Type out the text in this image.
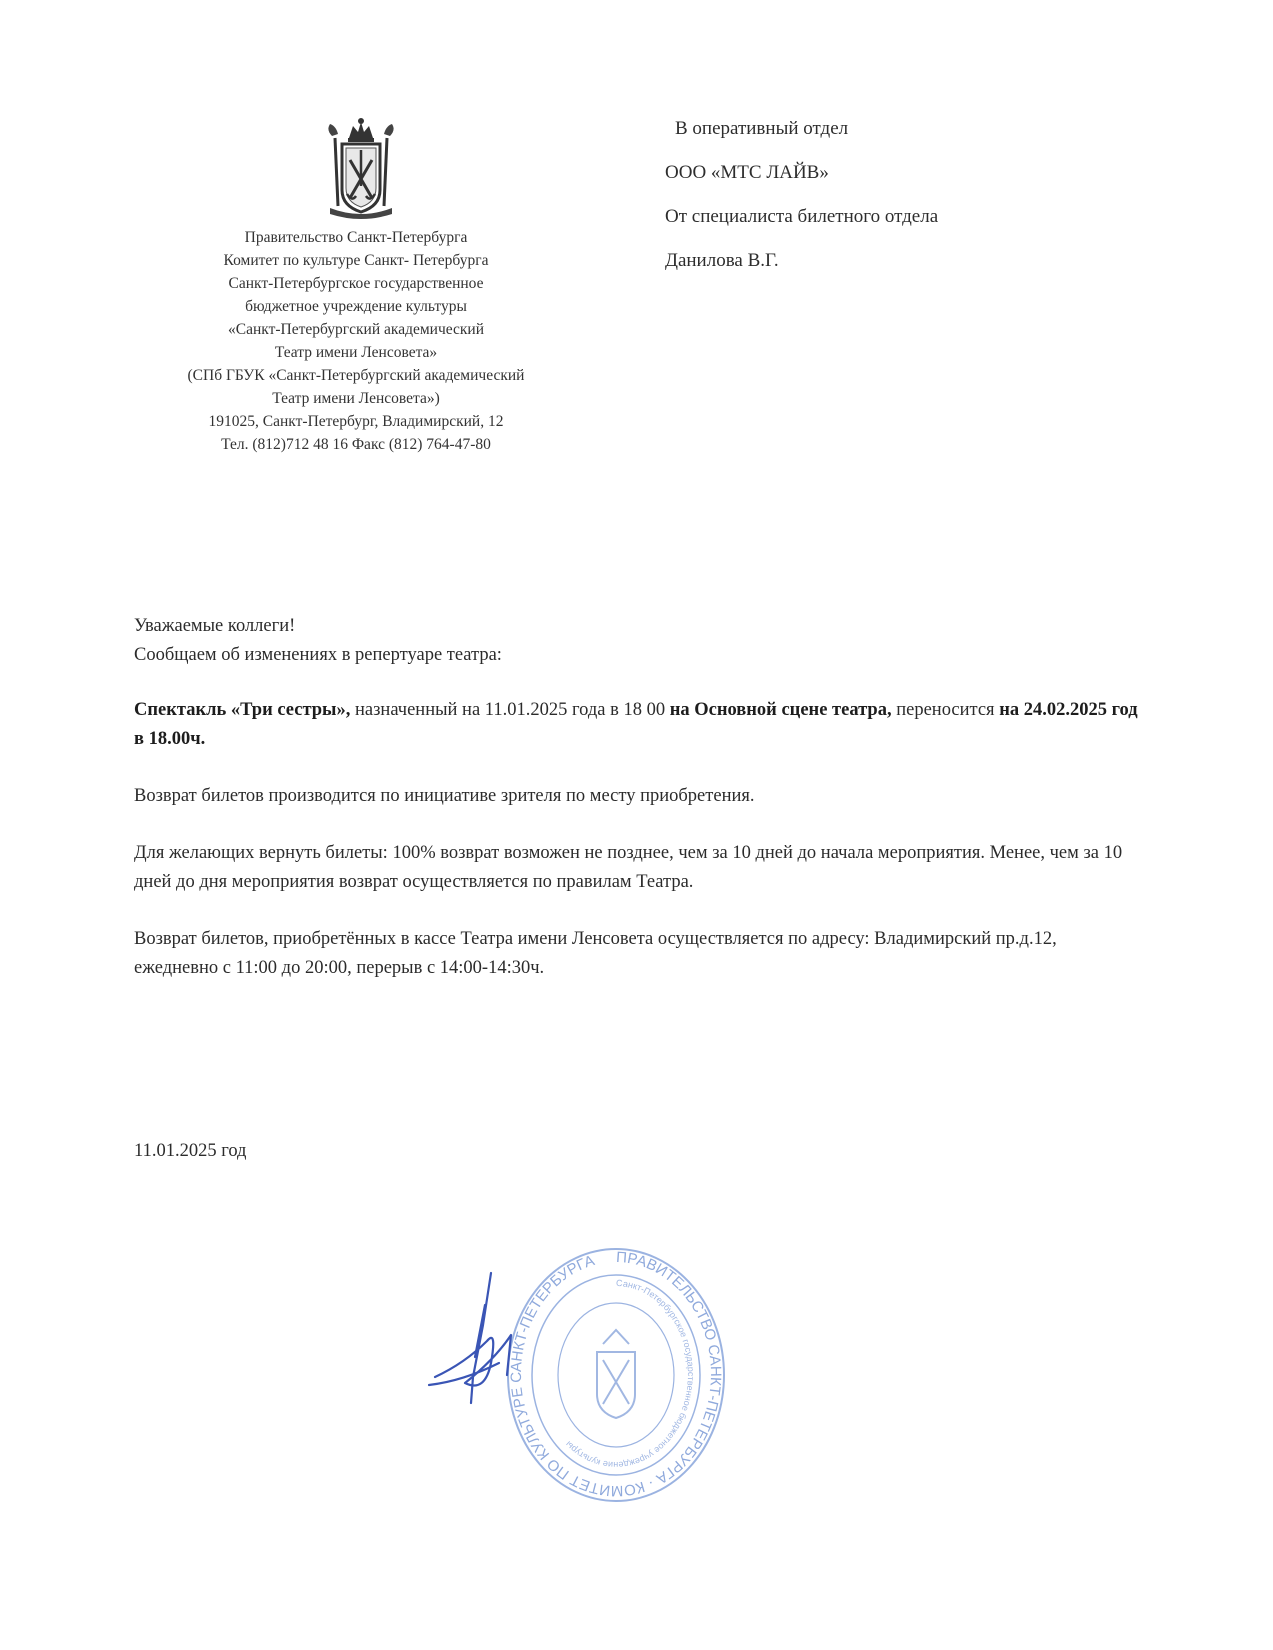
Правительство Санкт-Петербурга
Комитет по культуре Санкт- Петербурга
Санкт-Петербургское государственное
бюджетное учреждение культуры
«Санкт-Петербургский академический
Театр имени Ленсовета»
(СПб ГБУК «Санкт-Петербургский академический
Театр имени Ленсовета»)
191025, Санкт-Петербург, Владимирский, 12
Тел. (812)712 48 16 Факс (812) 764-47-80
В оперативный отдел
ООО «МТС ЛАЙВ»
От специалиста билетного отдела
Данилова В.Г.

Уважаемые коллеги!

Сообщаем об изменениях в репертуаре театра:

Спектакль «Три сестры», назначенный на 11.01.2025 года в 18 00 на Основной сцене театра, переносится на 24.02.2025 год в 18.00ч.

Возврат билетов производится по инициативе зрителя по месту приобретения.

Для желающих вернуть билеты: 100% возврат возможен не позднее, чем за 10 дней до начала мероприятия. Менее, чем за 10 дней до дня мероприятия возврат осуществляется по правилам Театра.

Возврат билетов, приобретённых в кассе Театра имени Ленсовета осуществляется по адресу: Владимирский пр.д.12, ежедневно с 11:00 до 20:00, перерыв с 14:00-14:30ч.

11.01.2025 год
ПРАВИТЕЛЬСТВО САНКТ-ПЕТЕРБУРГА · КОМИТЕТ ПО КУЛЬТУРЕ САНКТ-ПЕТЕРБУРГА
Санкт-Петербургское государственное бюджетное учреждение культуры
